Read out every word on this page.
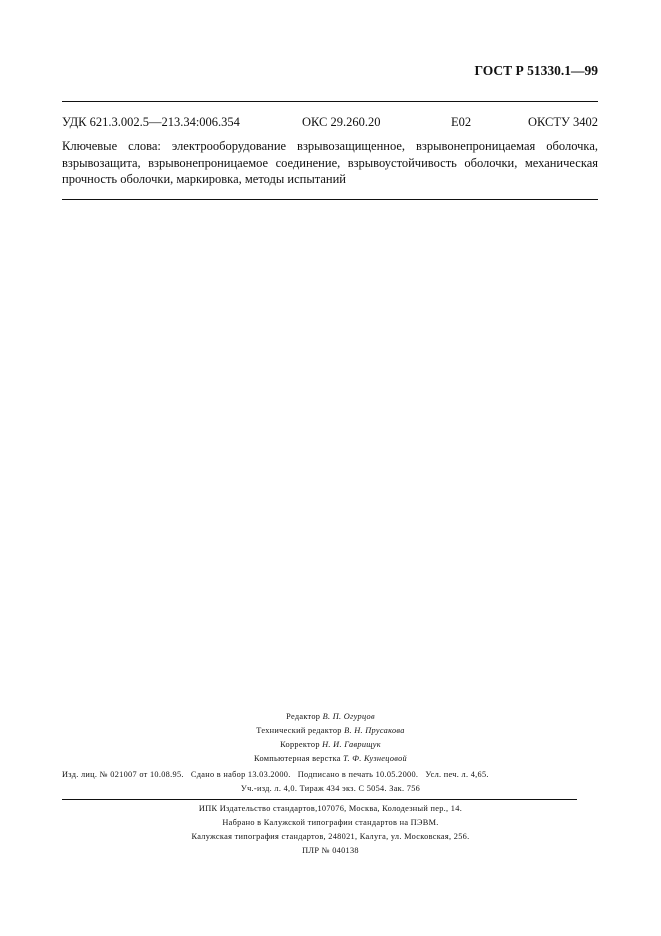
ГОСТ Р 51330.1—99
УДК 621.3.002.5—213.34:006.354	ОКС 29.260.20	Е02	ОКСТУ 3402
Ключевые слова: электрооборудование взрывозащищенное, взрывонепроницаемая оболочка, взрывозащита, взрывонепроницаемое соединение, взрывоустойчивость оболочки, механическая прочность оболочки, маркировка, методы испытаний
Редактор В. П. Огурцов
Технический редактор В. Н. Прусакова
Корректор Н. И. Гаврищук
Компьютерная верстка Т. Ф. Кузнецовой
Изд. лиц. № 021007 от 10.08.95.   Сдано в набор 13.03.2000.   Подписано в печать 10.05.2000.   Усл. печ. л. 4,65.
Уч.-изд. л. 4,0. Тираж 434 экз. С 5054. Зак. 756
ИПК Издательство стандартов,107076, Москва, Колодезный пер., 14.
Набрано в Калужской типографии стандартов на ПЭВМ.
Калужская типография стандартов, 248021, Калуга, ул. Московская, 256.
ПЛР № 040138
